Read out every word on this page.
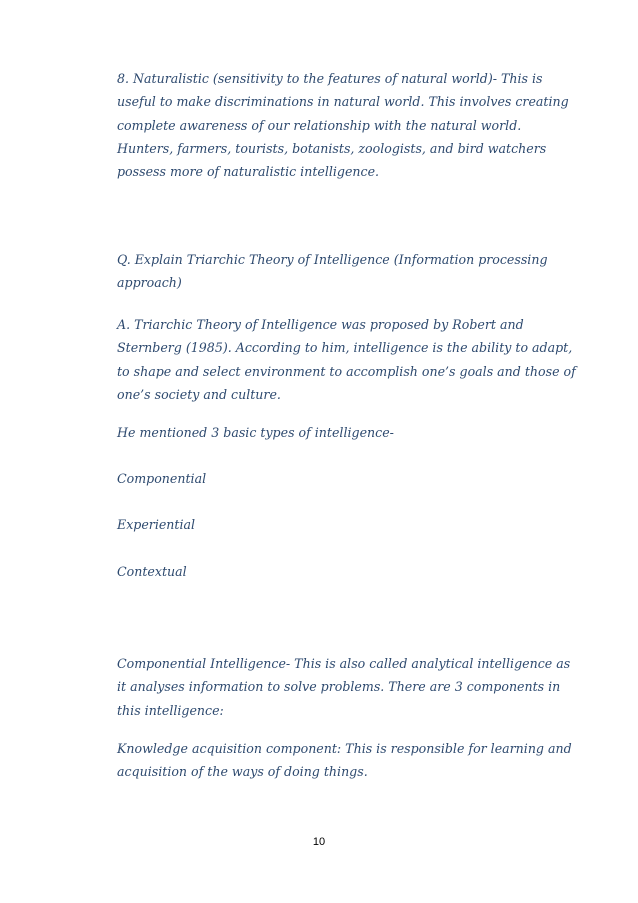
8. Naturalistic (sensitivity to the features of natural world)- This is
useful to make discriminations in natural world. This involves creating
complete awareness of our relationship with the natural world.
Hunters, farmers, tourists, botanists, zoologists, and bird watchers
possess more of naturalistic intelligence.

Q. Explain Triarchic Theory of Intelligence (Information processing
approach)

A. Triarchic Theory of Intelligence was proposed by Robert and
Sternberg (1985). According to him, intelligence is the ability to adapt,
to shape and select environment to accomplish one’s goals and those of
one’s society and culture.

He mentioned 3 basic types of intelligence-

Componential

Experiential

Contextual

Componential Intelligence- This is also called analytical intelligence as
it analyses information to solve problems. There are 3 components in
this intelligence:

Knowledge acquisition component: This is responsible for learning and
acquisition of the ways of doing things.

10
